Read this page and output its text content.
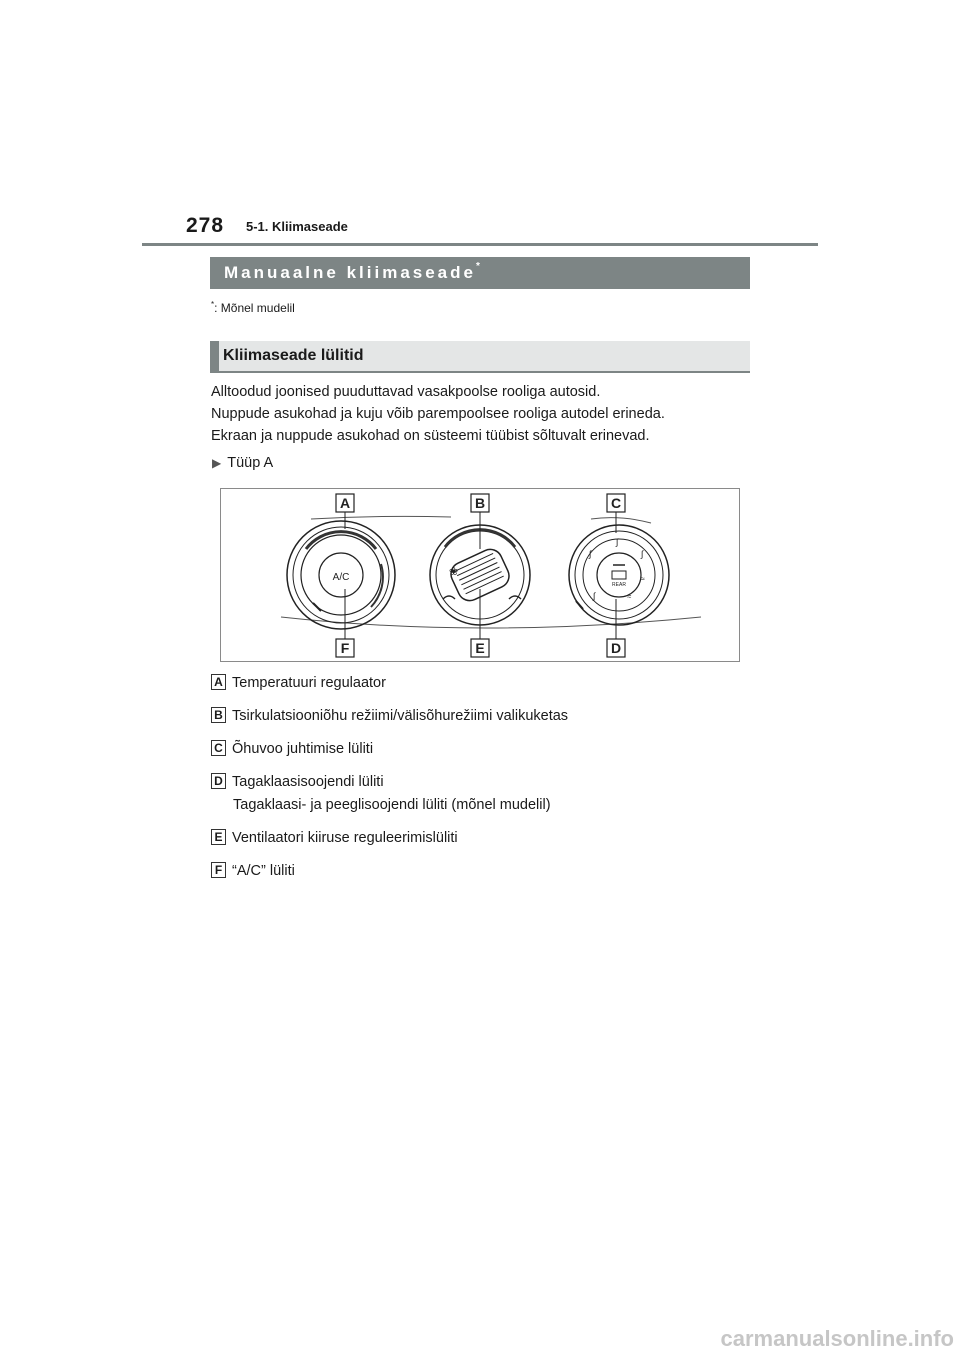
278 5-1. Kliimaseade
Manuaalne kliimaseade*
*: Mõnel mudelil
Kliimaseade lülitid
Alltoodud joonised puuduttavad vasakpoolse rooliga autosid.
Nuppude asukohad ja kuju võib parempoolsee rooliga autodel erineda.
Ekraan ja nuppude asukohad on süsteemi tüübist sõltuvalt erinevad.
▶ Tüüp A
A/C	❀
REAR
∫
∫
∫
≈
∫	≈
A	B	C
F	E	D
A Temperatuuri regulaator
B Tsirkulatsiooniõhu režiimi/välisõhurežiimi valikuketas
C Õhuvoo juhtimise lüliti
D Tagaklaasisoojendi lüliti
Tagaklaasi- ja peeglisoojendi lüliti (mõnel mudelil)
E Ventilaatori kiiruse reguleerimislüliti
F “A/C” lüliti
carmanualsonline.info
